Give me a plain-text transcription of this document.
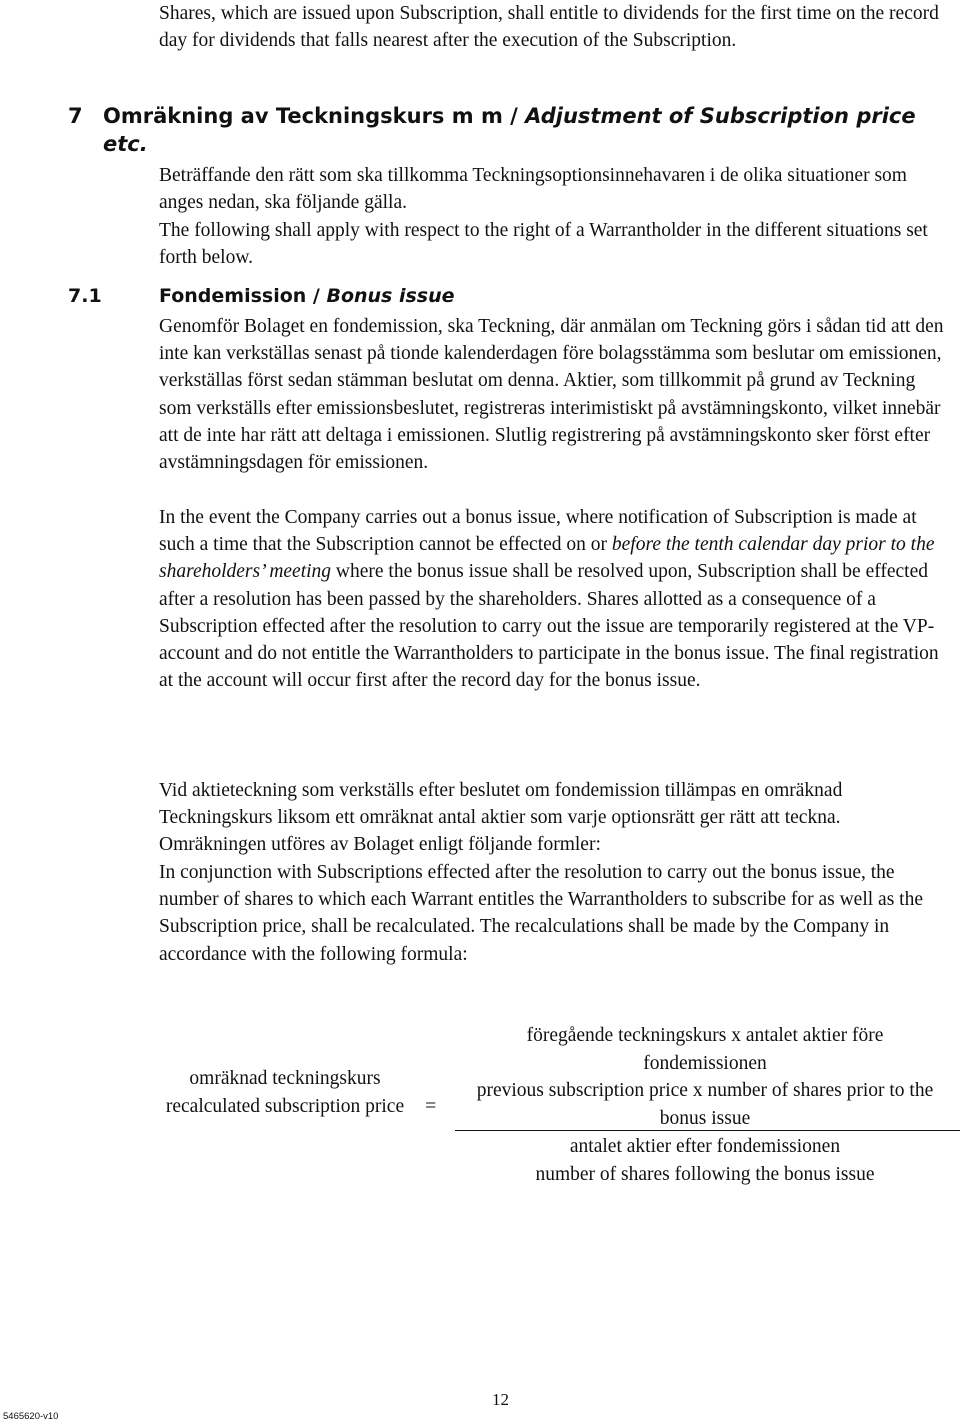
Shares, which are issued upon Subscription, shall entitle to dividends for the first time on the record day for dividends that falls nearest after the execution of the Subscription.

7 Omräkning av Teckningskurs m m / Adjustment of Subscription price etc.

Beträffande den rätt som ska tillkomma Teckningsoptionsinnehavaren i de olika situationer som anges nedan, ska följande gälla.

The following shall apply with respect to the right of a Warrantholder in the different situations set forth below.

7.1	Fondemission / Bonus issue

Genomför Bolaget en fondemission, ska Teckning, där anmälan om Teckning görs i sådan tid att den inte kan verkställas senast på tionde kalenderdagen före bolagsstämma som beslutar om emissionen, verkställas först sedan stämman beslutat om denna. Aktier, som tillkommit på grund av Teckning som verkställs efter emissionsbeslutet, registreras interimistiskt på avstämningskonto, vilket innebär att de inte har rätt att deltaga i emissionen. Slutlig registrering på avstämningskonto sker först efter avstämningsdagen för emissionen.

In the event the Company carries out a bonus issue, where notification of Subscription is made at such a time that the Subscription cannot be effected on or before the tenth calendar day prior to the shareholders’ meeting where the bonus issue shall be resolved upon, Subscription shall be effected after a resolution has been passed by the shareholders. Shares allotted as a consequence of a Subscription effected after the resolution to carry out the issue are temporarily registered at the VP-account and do not entitle the Warrantholders to participate in the bonus issue. The final registration at the account will occur first after the record day for the bonus issue.

Vid aktieteckning som verkställs efter beslutet om fondemission tillämpas en omräknad Teckningskurs liksom ett omräknat antal aktier som varje optionsrätt ger rätt att teckna. Omräkningen utföres av Bolaget enligt följande formler:

In conjunction with Subscriptions effected after the resolution to carry out the bonus issue, the number of shares to which each Warrant entitles the Warrantholders to subscribe for as well as the Subscription price, shall be recalculated. The recalculations shall be made by the Company in accordance with the following formula:

omräknad teckningskurs
recalculated subscription price	=
föregående teckningskurs x antalet aktier före fondemissionen
previous subscription price x number of shares prior to the bonus issue
antalet aktier efter fondemissionen
number of shares following the bonus issue
12
5465620-v10
